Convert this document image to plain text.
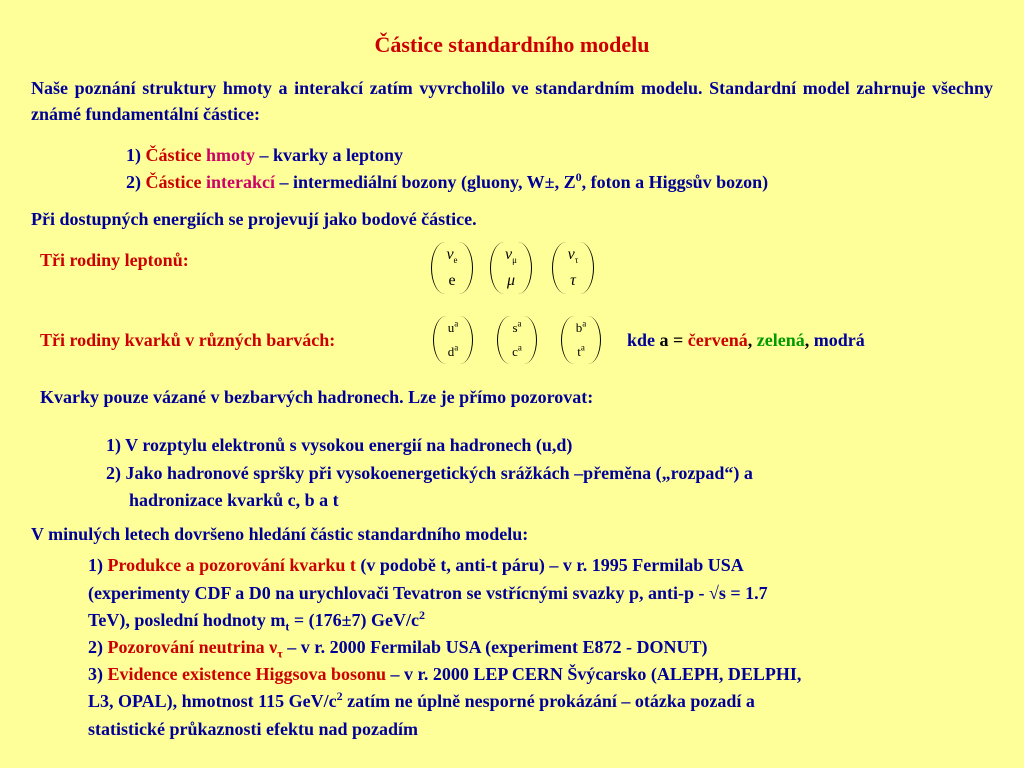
Částice standardního modelu
Naše poznání struktury hmoty a interakcí zatím vyvrcholilo ve standardním modelu. Standardní model zahrnuje všechny známé fundamentální částice:
1) Částice hmoty – kvarky a leptony
2) Částice interakcí – intermediální bozony (gluony, W±, $Z^0$, foton a Higgsův bozon)
Při dostupných energiích se projevují jako bodové částice.
Tři rodiny leptonů:	$\nu_e$
e
$\nu_\mu$
μ
$\nu_\tau$
τ
Tři rodiny kvarků v různých barvách:
$u^a$
$d^a$
$s^a$
$c^a$
$b^a$
$t^a$	kde a = červená, zelená, modrá
Kvarky pouze vázané v bezbarvých hadronech. Lze je přímo pozorovat:
1) V rozptylu elektronů s vysokou energií na hadronech (u,d)
2) Jako hadronové spršky při vysokoenergetických srážkách –přeměna („rozpad“) a
hadronizace kvarků c, b a t
V minulých letech dovršeno hledání částic standardního modelu:
1) Produkce a pozorování kvarku t (v podobě t, anti-t páru) – v r. 1995 Fermilab USA
(experimenty CDF a D0 na urychlovači Tevatron se vstřícnými svazky p, anti-p - √s = 1.7
TeV), poslední hodnoty $m_t = (176\pm 7)$ GeV/$c^2$
2) Pozorování neutrina $\nu_\tau$ – v r. 2000 Fermilab USA (experiment E872 - DONUT)
3) Evidence existence Higgsova bosonu – v r. 2000 LEP CERN Švýcarsko (ALEPH, DELPHI,
L3, OPAL), hmotnost 115 GeV/$c^2$ zatím ne úplně nesporné prokázání – otázka pozadí a
statistické průkaznosti efektu nad pozadím
